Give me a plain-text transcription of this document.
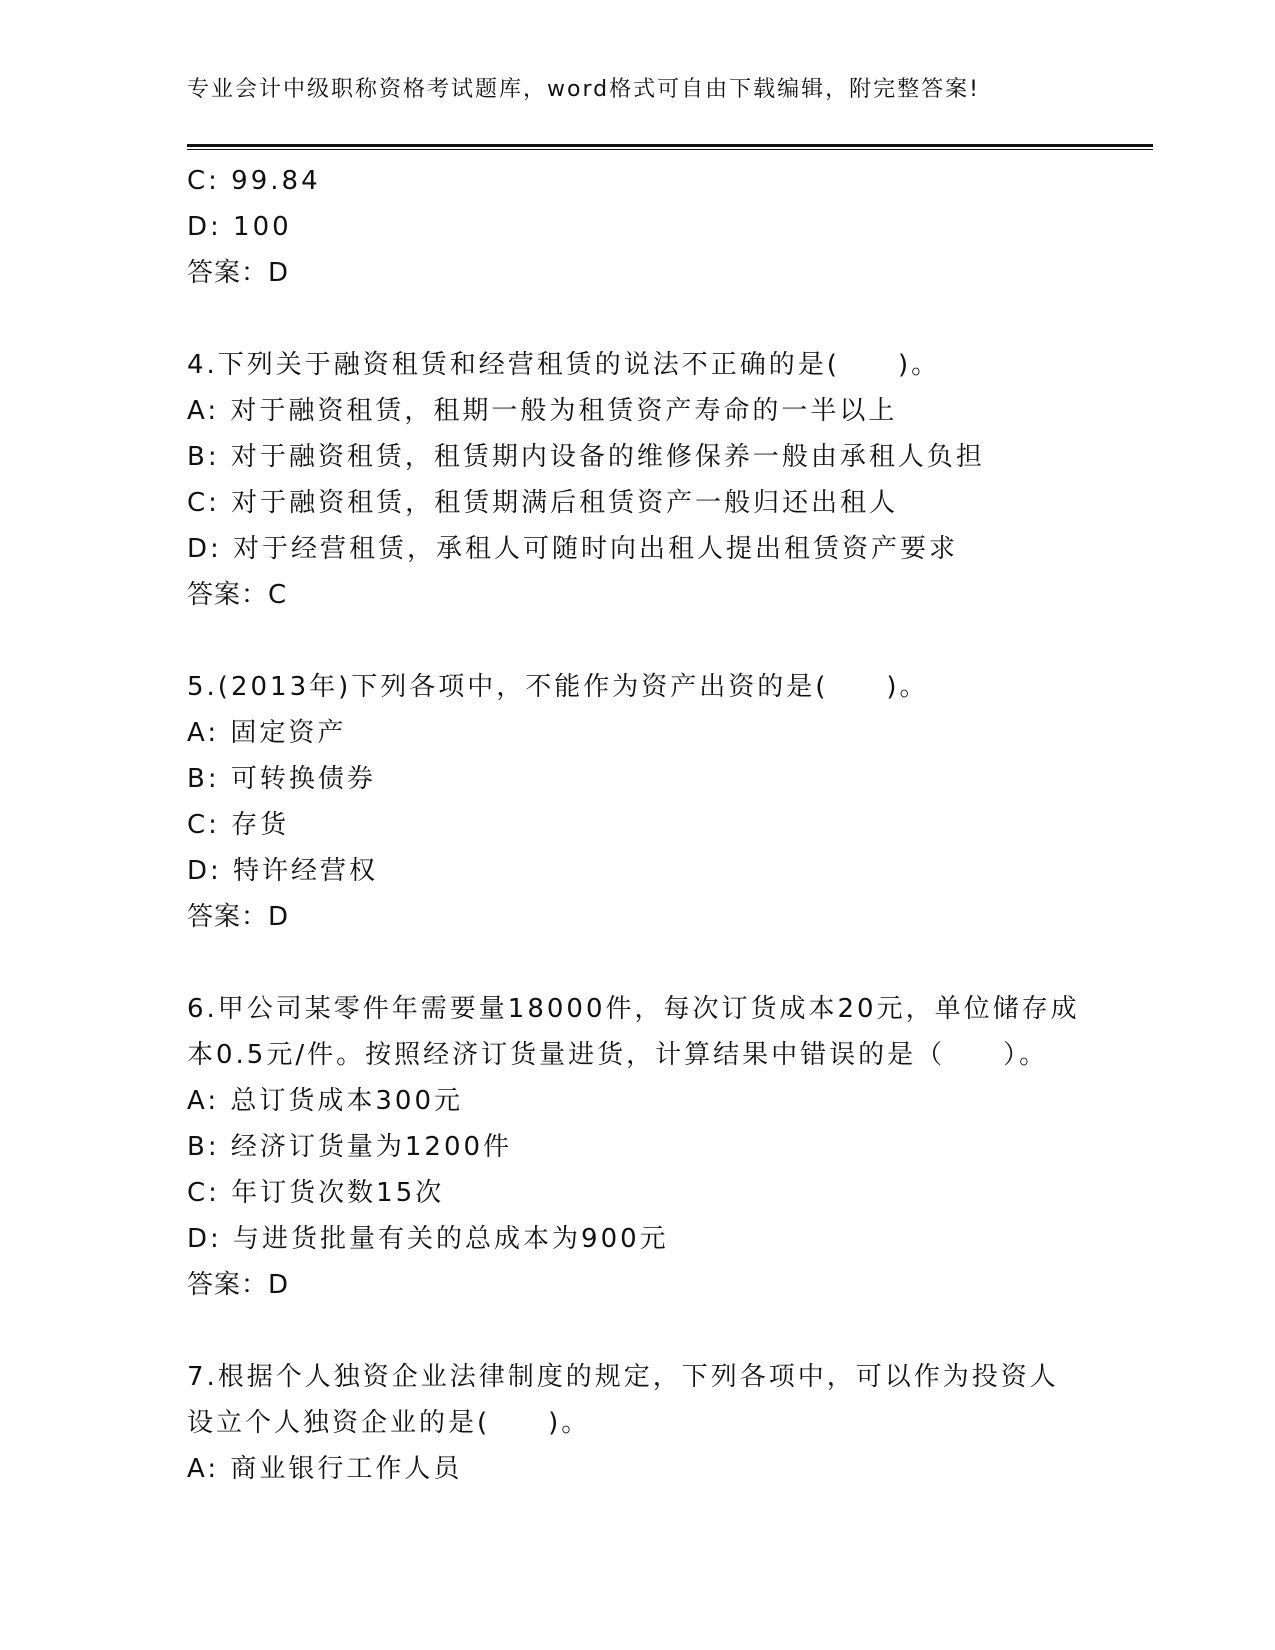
专业会计中级职称资格考试题库，word格式可自由下载编辑，附完整答案!
C: 99.84
D: 100
答案：D
4.下列关于融资租赁和经营租赁的说法不正确的是(　　)。
A: 对于融资租赁，租期一般为租赁资产寿命的一半以上
B: 对于融资租赁，租赁期内设备的维修保养一般由承租人负担
C: 对于融资租赁，租赁期满后租赁资产一般归还出租人
D: 对于经营租赁，承租人可随时向出租人提出租赁资产要求
答案：C
5.(2013年)下列各项中，不能作为资产出资的是(　　)。
A: 固定资产
B: 可转换债券
C: 存货
D: 特许经营权
答案：D
6.甲公司某零件年需要量18000件，每次订货成本20元，单位储存成
本0.5元/件。按照经济订货量进货，计算结果中错误的是（　　）。
A: 总订货成本300元
B: 经济订货量为1200件
C: 年订货次数15次
D: 与进货批量有关的总成本为900元
答案：D
7.根据个人独资企业法律制度的规定，下列各项中，可以作为投资人
设立个人独资企业的是(　　)。
A: 商业银行工作人员
